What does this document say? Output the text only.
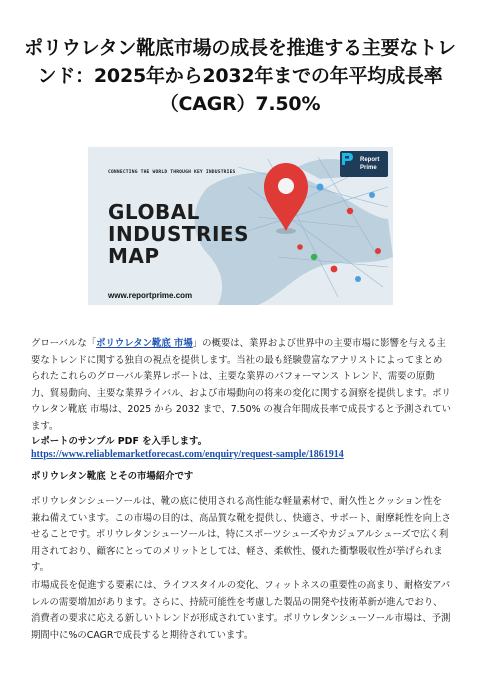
ポリウレタン靴底市場の成長を推進する主要なトレンド：2025年から2032年までの年平均成長率（CAGR）7.50%
CONNECTING THE WORLD THROUGH KEY INDUSTRIES
GLOBAL
INDUSTRIES
MAP
www.reportprime.com
Report Prime

グローバルな「ポリウレタン靴底 市場」の概要は、業界および世界中の主要市場に影響を与える主要なトレンドに関する独自の視点を提供します。当社の最も経験豊富なアナリストによってまとめられたこれらのグローバル業界レポートは、主要な業界のパフォーマンス トレンド、需要の原動力、貿易動向、主要な業界ライバル、および市場動向の将来の変化に関する洞察を提供します。ポリウレタン靴底 市場は、2025 から 2032 まで、7.50% の複合年間成長率で成長すると予測されています。

レポートのサンプル PDF を入手します。
https://www.reliablemarketforecast.com/enquiry/request-sample/1861914
ポリウレタン靴底 とその市場紹介です

ポリウレタンシューソールは、靴の底に使用される高性能な軽量素材で、耐久性とクッション性を兼ね備えています。この市場の目的は、高品質な靴を提供し、快適さ、サポート、耐摩耗性を向上させることです。ポリウレタンシューソールは、特にスポーツシューズやカジュアルシューズで広く利用されており、顧客にとってのメリットとしては、軽さ、柔軟性、優れた衝撃吸収性が挙げられます。

市場成長を促進する要素には、ライフスタイルの変化、フィットネスの重要性の高まり、耐格安アパレルの需要増加があります。さらに、持続可能性を考慮した製品の開発や技術革新が進んでおり、消費者の要求に応える新しいトレンドが形成されています。ポリウレタンシューソール市場は、予測期間中に%のCAGRで成長すると期待されています。
